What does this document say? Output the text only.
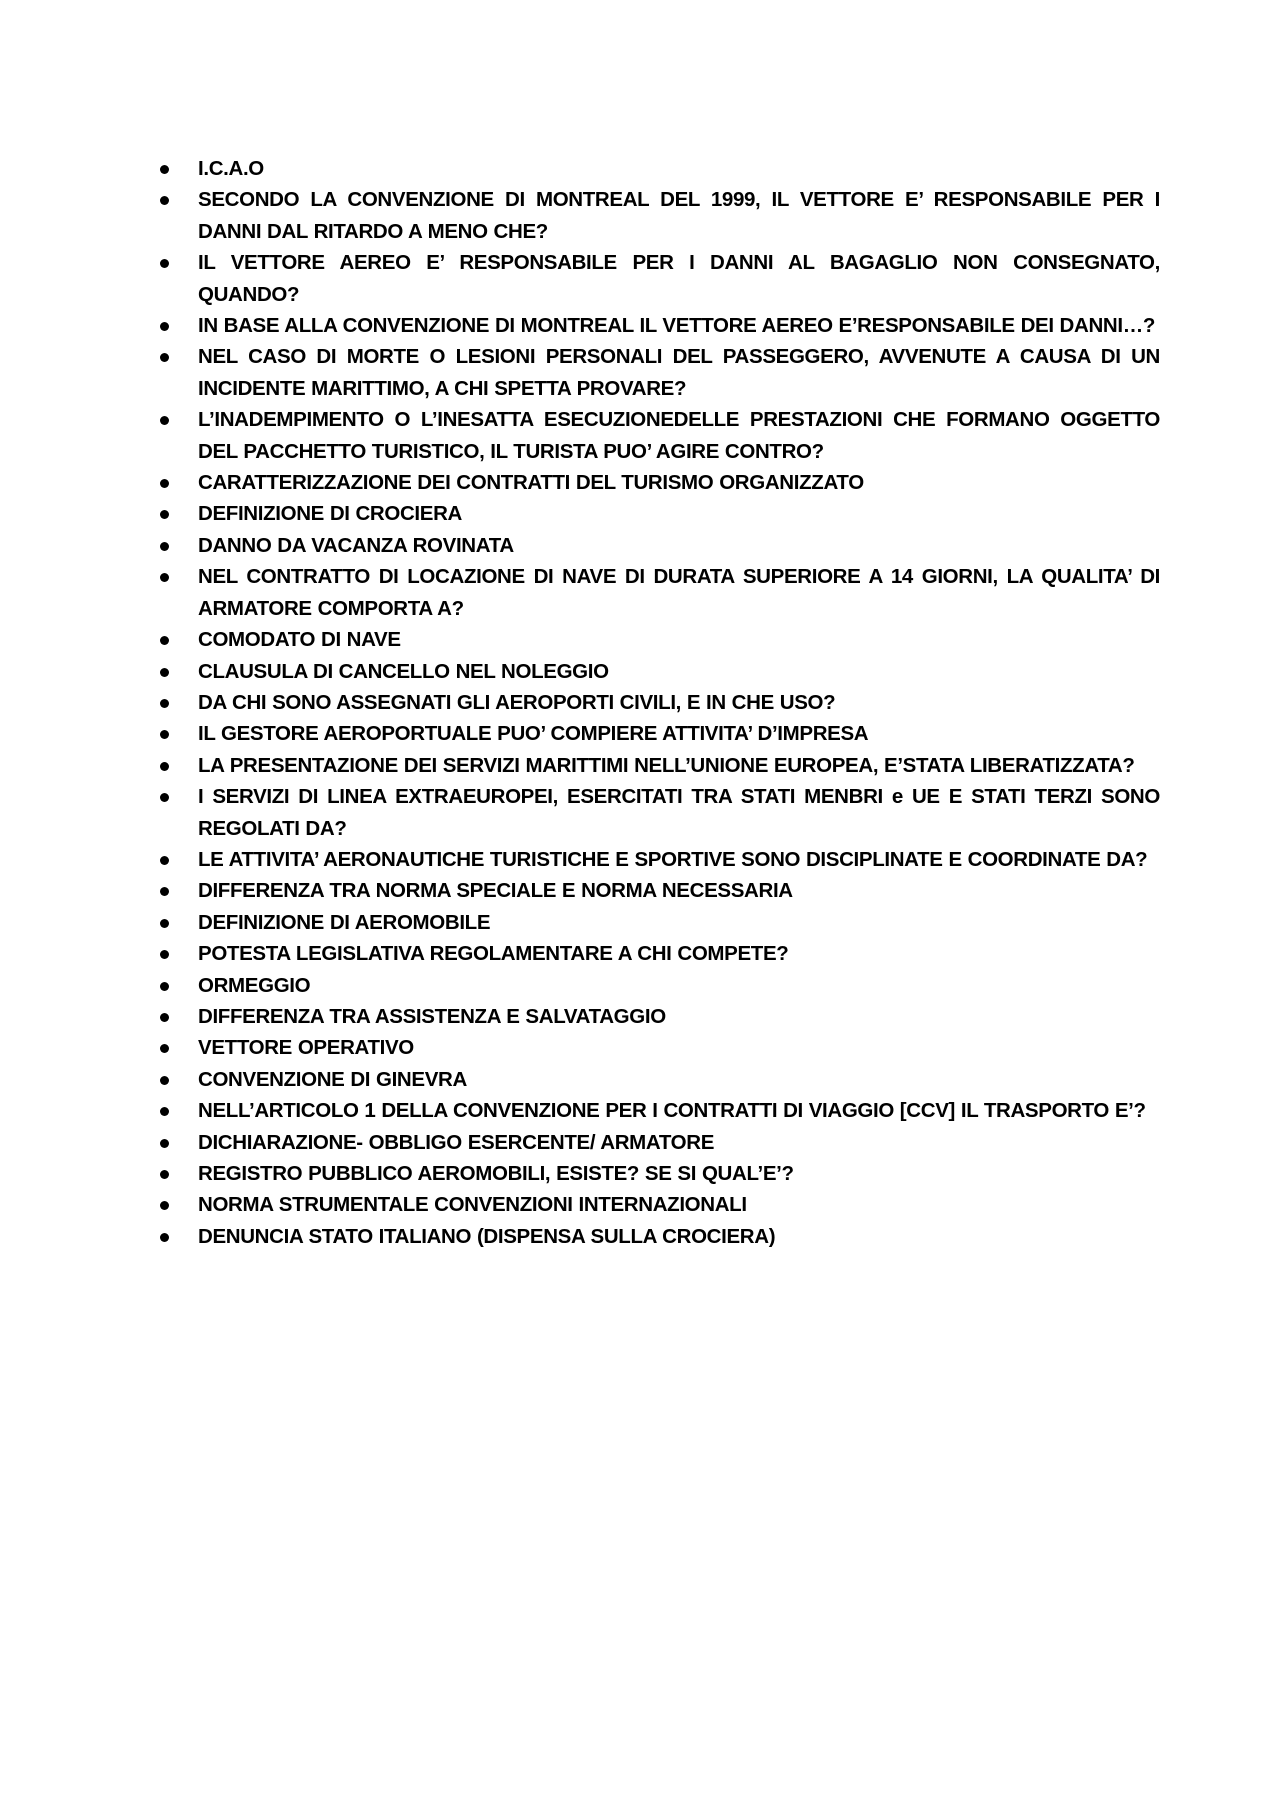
I.C.A.O
SECONDO LA CONVENZIONE DI MONTREAL DEL 1999, IL VETTORE E’ RESPONSABILE PER I DANNI DAL RITARDO A MENO CHE?
IL VETTORE AEREO E’ RESPONSABILE PER I DANNI AL BAGAGLIO NON CONSEGNATO, QUANDO?
IN BASE ALLA CONVENZIONE DI MONTREAL IL VETTORE AEREO E’RESPONSABILE DEI DANNI…?
NEL CASO DI MORTE O LESIONI PERSONALI DEL PASSEGGERO, AVVENUTE A CAUSA DI UN INCIDENTE MARITTIMO, A CHI SPETTA PROVARE?
L’INADEMPIMENTO O L’INESATTA ESECUZIONEDELLE PRESTAZIONI CHE FORMANO OGGETTO DEL PACCHETTO TURISTICO, IL TURISTA PUO’ AGIRE CONTRO?
CARATTERIZZAZIONE DEI CONTRATTI DEL TURISMO ORGANIZZATO
DEFINIZIONE DI CROCIERA
DANNO DA VACANZA ROVINATA
NEL CONTRATTO DI LOCAZIONE DI NAVE DI DURATA SUPERIORE A 14 GIORNI, LA QUALITA’ DI ARMATORE COMPORTA A?
COMODATO DI NAVE
CLAUSULA DI CANCELLO NEL NOLEGGIO
DA CHI SONO ASSEGNATI GLI AEROPORTI CIVILI, E IN CHE USO?
IL GESTORE AEROPORTUALE PUO’ COMPIERE ATTIVITA’ D’IMPRESA
LA PRESENTAZIONE DEI SERVIZI MARITTIMI NELL’UNIONE EUROPEA, E’STATA LIBERATIZZATA?
I SERVIZI DI LINEA EXTRAEUROPEI, ESERCITATI TRA STATI MENBRI e UE E STATI TERZI SONO REGOLATI DA?
LE ATTIVITA’ AERONAUTICHE TURISTICHE E SPORTIVE SONO DISCIPLINATE E COORDINATE DA?
DIFFERENZA TRA NORMA SPECIALE E NORMA NECESSARIA
DEFINIZIONE DI AEROMOBILE
POTESTA LEGISLATIVA REGOLAMENTARE A CHI COMPETE?
ORMEGGIO
DIFFERENZA TRA ASSISTENZA E SALVATAGGIO
VETTORE OPERATIVO
CONVENZIONE DI GINEVRA
NELL’ARTICOLO 1 DELLA CONVENZIONE PER I CONTRATTI DI VIAGGIO [CCV] IL TRASPORTO E’?
DICHIARAZIONE- OBBLIGO ESERCENTE/ ARMATORE
REGISTRO PUBBLICO AEROMOBILI, ESISTE? SE SI QUAL’E’?
NORMA STRUMENTALE CONVENZIONI INTERNAZIONALI
DENUNCIA STATO ITALIANO (DISPENSA SULLA CROCIERA)
